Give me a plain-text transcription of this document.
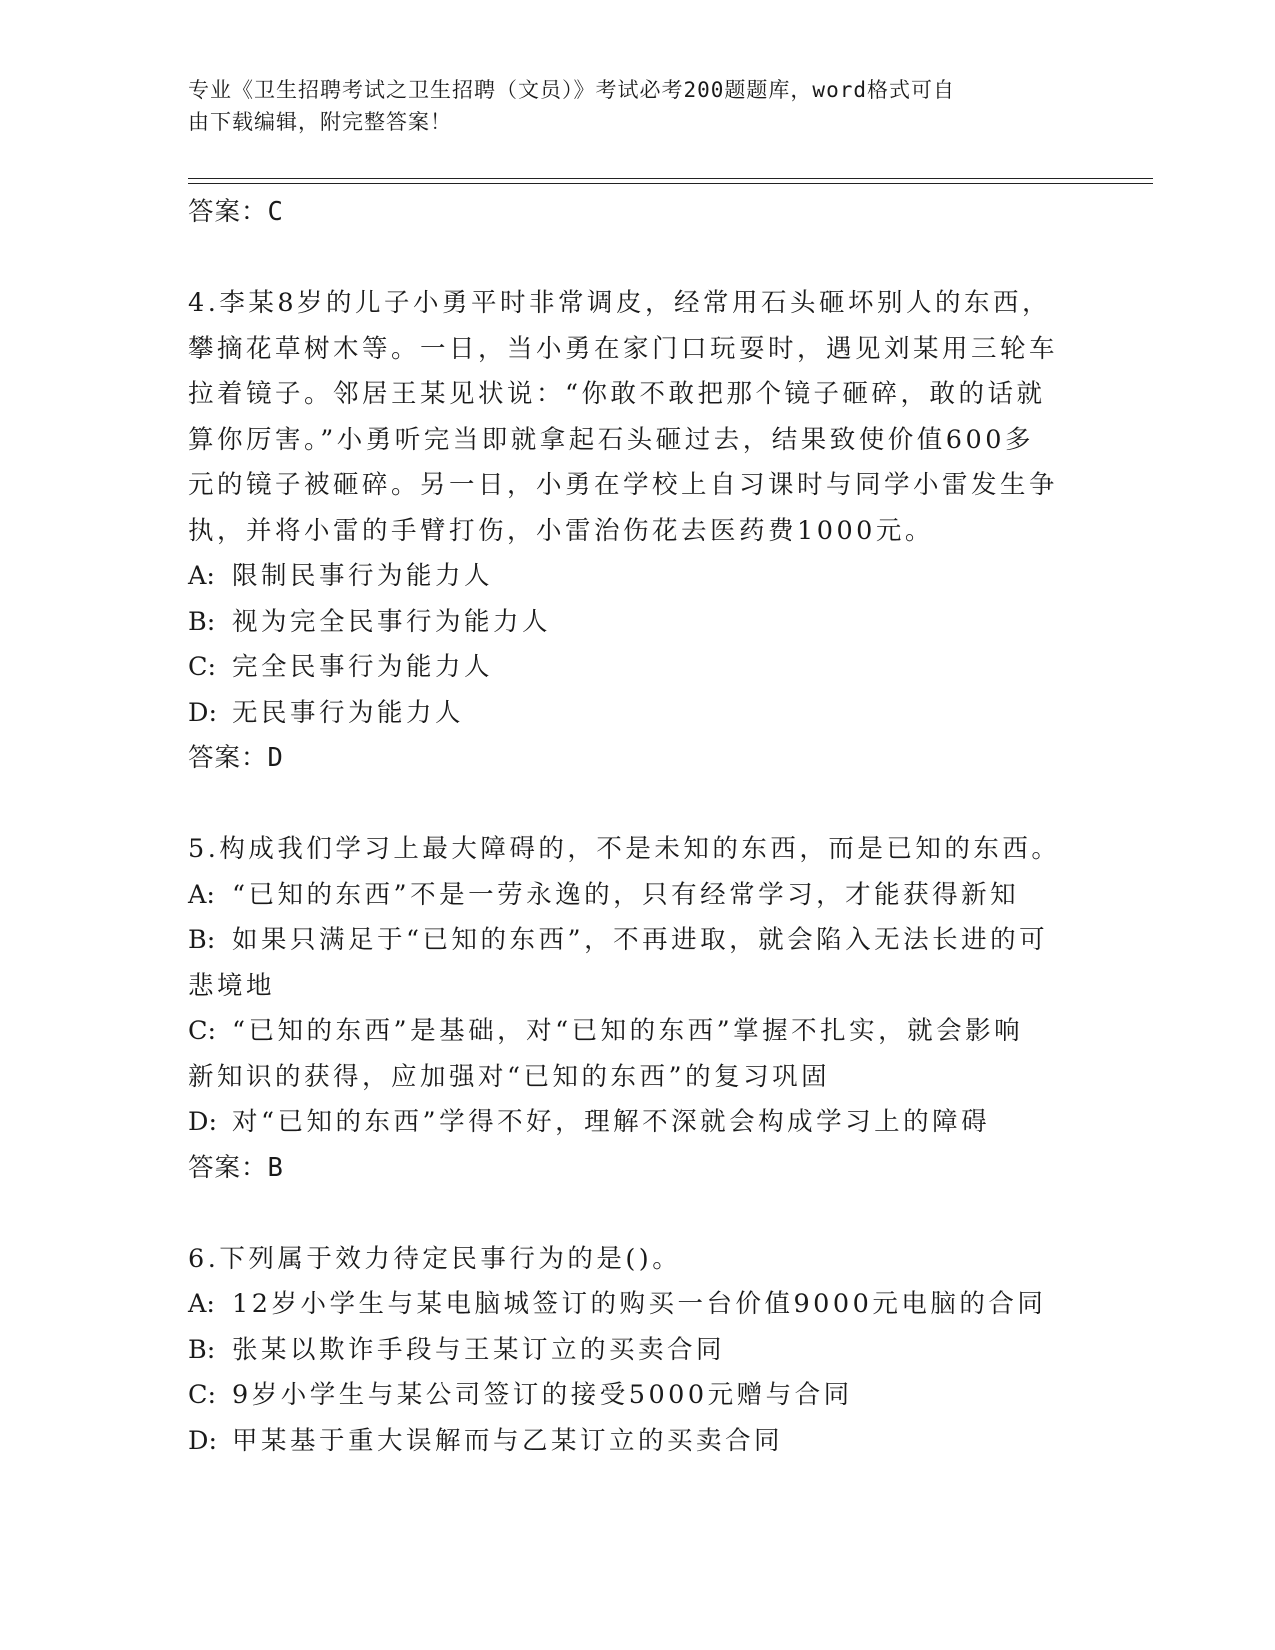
专业《卫生招聘考试之卫生招聘（文员）》考试必考200题题库，word格式可自
由下载编辑，附完整答案！
答案：C
4.李某8岁的儿子小勇平时非常调皮，经常用石头砸坏别人的东西，
攀摘花草树木等。一日，当小勇在家门口玩耍时，遇见刘某用三轮车
拉着镜子。邻居王某见状说：“你敢不敢把那个镜子砸碎，敢的话就
算你厉害。”小勇听完当即就拿起石头砸过去，结果致使价值600多
元的镜子被砸碎。另一日，小勇在学校上自习课时与同学小雷发生争
执，并将小雷的手臂打伤，小雷治伤花去医药费1000元。
A: 限制民事行为能力人
B: 视为完全民事行为能力人
C: 完全民事行为能力人
D: 无民事行为能力人
答案：D
5.构成我们学习上最大障碍的，不是未知的东西，而是已知的东西。
A: “已知的东西”不是一劳永逸的，只有经常学习，才能获得新知
B: 如果只满足于“已知的东西”，不再进取，就会陷入无法长进的可
悲境地
C: “已知的东西”是基础，对“已知的东西”掌握不扎实，就会影响
新知识的获得，应加强对“已知的东西”的复习巩固
D: 对“已知的东西”学得不好，理解不深就会构成学习上的障碍
答案：B
6.下列属于效力待定民事行为的是()。
A: 12岁小学生与某电脑城签订的购买一台价值9000元电脑的合同
B: 张某以欺诈手段与王某订立的买卖合同
C: 9岁小学生与某公司签订的接受5000元赠与合同
D: 甲某基于重大误解而与乙某订立的买卖合同
